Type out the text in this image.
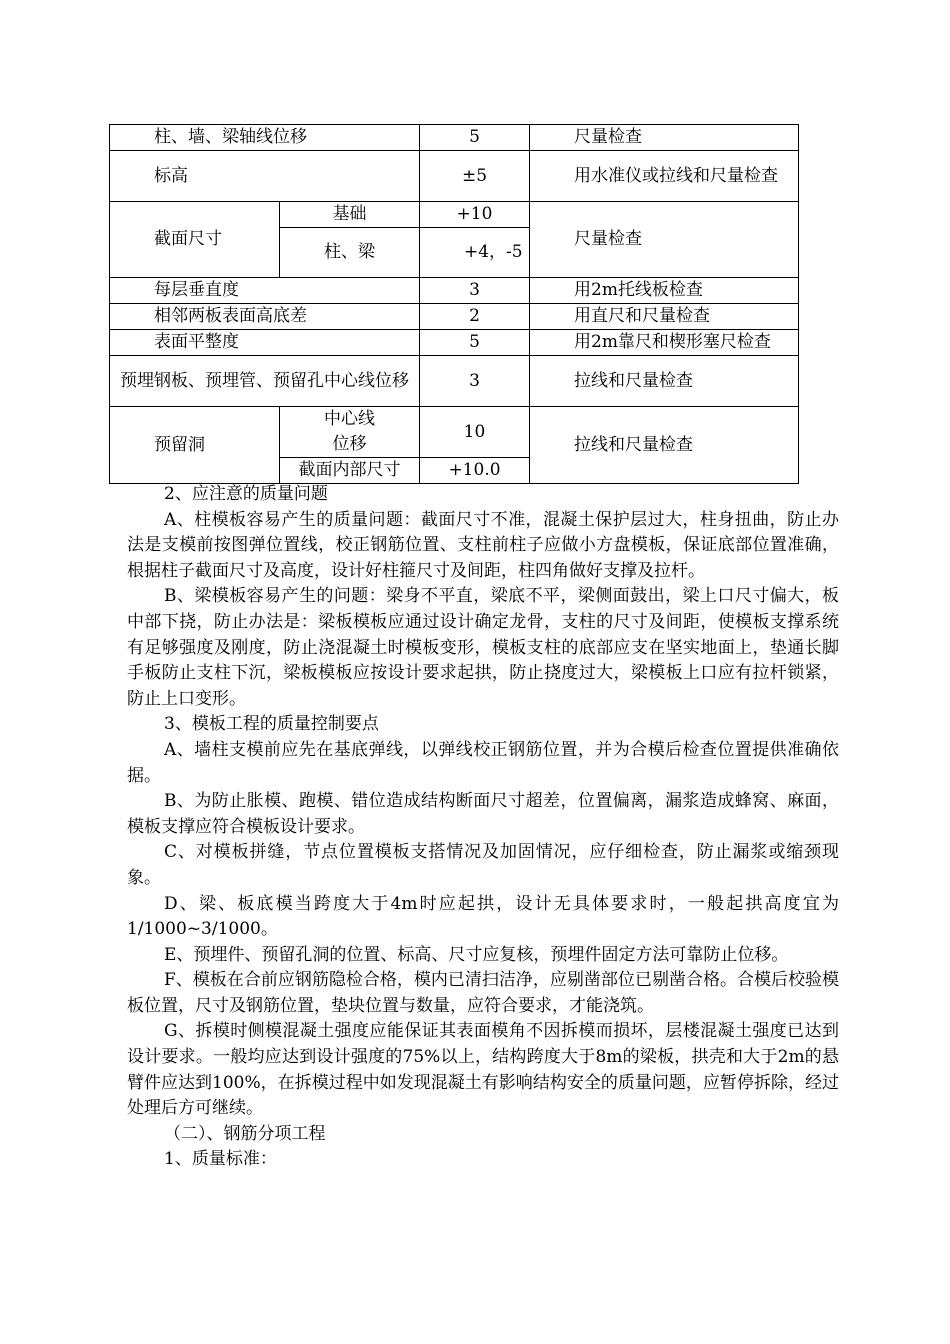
柱、墙、梁轴线位移		5	尺量检查
标高		±5	用水准仪或拉线和尺量检查
截面尺寸	基础	+10	尺量检查
	柱、梁	+4，-5	
每层垂直度		3	用2m托线板检查
相邻两板表面高底差		2	用直尺和尺量检查
表面平整度		5	用2m靠尺和楔形塞尺检查
预埋钢板、预埋管、预留孔中心线位移		3	拉线和尺量检查
预留洞	中心线位移	10	拉线和尺量检查
	截面内部尺寸	+10.0	

2、应注意的质量问题

A、柱模板容易产生的质量问题：截面尺寸不准，混凝土保护层过大，柱身扭曲，防止办法是支模前按图弹位置线，校正钢筋位置、支柱前柱子应做小方盘模板，保证底部位置准确，根据柱子截面尺寸及高度，设计好柱箍尺寸及间距，柱四角做好支撑及拉杆。

B、梁模板容易产生的问题：梁身不平直，梁底不平，梁侧面鼓出，梁上口尺寸偏大，板中部下挠，防止办法是：梁板模板应通过设计确定龙骨，支柱的尺寸及间距，使模板支撑系统有足够强度及刚度，防止浇混凝土时模板变形，模板支柱的底部应支在坚实地面上，垫通长脚手板防止支柱下沉，梁板模板应按设计要求起拱，防止挠度过大，梁模板上口应有拉杆锁紧，防止上口变形。

3、模板工程的质量控制要点

A、墙柱支模前应先在基底弹线，以弹线校正钢筋位置，并为合模后检查位置提供准确依据。

B、为防止胀模、跑模、错位造成结构断面尺寸超差，位置偏离，漏浆造成蜂窝、麻面，模板支撑应符合模板设计要求。

C、对模板拼缝，节点位置模板支搭情况及加固情况，应仔细检查，防止漏浆或缩颈现象。

D、梁、板底模当跨度大于4m时应起拱，设计无具体要求时，一般起拱高度宜为1/1000~3/1000。

E、预埋件、预留孔洞的位置、标高、尺寸应复核，预埋件固定方法可靠防止位移。

F、模板在合前应钢筋隐检合格，模内已清扫洁净，应剔凿部位已剔凿合格。合模后校验模板位置，尺寸及钢筋位置，垫块位置与数量，应符合要求，才能浇筑。

G、拆模时侧模混凝土强度应能保证其表面模角不因拆模而损坏，层楼混凝土强度已达到设计要求。一般均应达到设计强度的75%以上，结构跨度大于8m的梁板，拱壳和大于2m的悬臂件应达到100%，在拆模过程中如发现混凝土有影响结构安全的质量问题，应暂停拆除，经过处理后方可继续。

（二）、钢筋分项工程

1、质量标准：
